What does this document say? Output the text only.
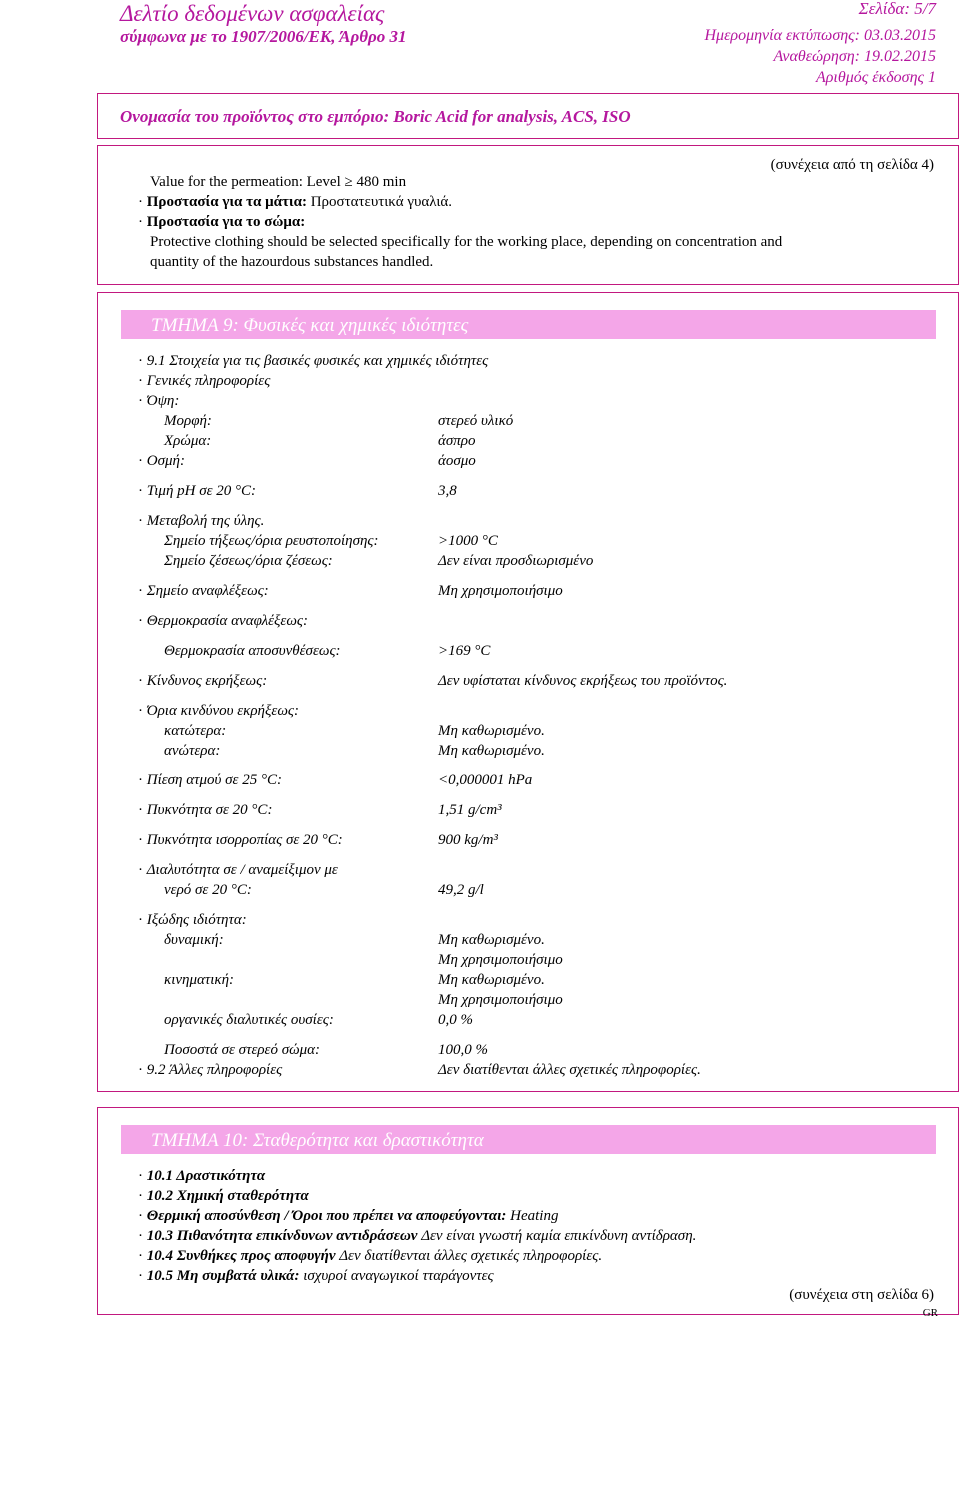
Δελτίο δεδομένων ασφαλείας
σύμφωνα με το 1907/2006/ΕΚ, Άρθρο 31
Σελίδα: 5/7
Ημερομηνία εκτύπωσης: 03.03.2015
Αναθεώρηση: 19.02.2015
Αριθμός έκδοσης 1
Ονομασία του προϊόντος στο εμπόριο: Boric Acid for analysis, ACS, ISO
(συνέχεια από τη σελίδα 4)
Value for the permeation: Level ≥ 480 min
· Προστασία για τα μάτια: Προστατευτικά γυαλιά.
· Προστασία για το σώμα:
Protective clothing should be selected specifically for the working place, depending on concentration and
quantity of the hazourdous substances handled.
ΤΜΗΜΑ 9: Φυσικές και χημικές ιδιότητες
· 9.1 Στοιχεία για τις βασικές φυσικές και χημικές ιδιότητες
· Γενικές πληροφορίες
· Όψη:
Μορφή:	στερεό υλικό
Χρώμα:	άσπρο
· Οσμή:	άοσμο
· Τιμή pH σε 20 °C:	3,8
· Μεταβολή της ύλης.
Σημείο τήξεως/όρια ρευστοποίησης:	>1000 °C
Σημείο ζέσεως/όρια ζέσεως:	Δεν είναι προσδιωρισμένο
· Σημείο αναφλέξεως:	Μη χρησιμοποιήσιμο
· Θερμοκρασία αναφλέξεως:
Θερμοκρασία αποσυνθέσεως:	>169 °C
· Κίνδυνος εκρήξεως:	Δεν υφίσταται κίνδυνος εκρήξεως του προϊόντος.
· Όρια κινδύνου εκρήξεως:
κατώτερα:	Μη καθωρισμένο.
ανώτερα:	Μη καθωρισμένο.
· Πίεση ατμού σε 25 °C:	<0,000001 hPa
· Πυκνότητα σε 20 °C:	1,51 g/cm³
· Πυκνότητα ισορροπίας σε 20 °C:	900 kg/m³
· Διαλυτότητα σε / αναμείξιμον με
νερό σε 20 °C:	49,2 g/l
· Ιξώδης ιδιότητα:
δυναμική:	Μη καθωρισμένο.
Μη χρησιμοποιήσιμο
κινηματική:	Μη καθωρισμένο.
Μη χρησιμοποιήσιμο
οργανικές διαλυτικές ουσίες:	0,0 %
Ποσοστά σε στερεό σώμα:	100,0 %
· 9.2 Άλλες πληροφορίες	Δεν διατίθενται άλλες σχετικές πληροφορίες.
ΤΜΗΜΑ 10: Σταθερότητα και δραστικότητα
· 10.1 Δραστικότητα
· 10.2 Χημική σταθερότητα
· Θερμική αποσύνθεση / Όροι που πρέπει να αποφεύγονται: Heating
· 10.3 Πιθανότητα επικίνδυνων αντιδράσεων Δεν είναι γνωστή καμία επικίνδυνη αντίδραση.
· 10.4 Συνθήκες προς αποφυγήν Δεν διατίθενται άλλες σχετικές πληροφορίες.
· 10.5 Μη συμβατά υλικά: ισχυροί αναγωγικοί τταράγοντες
(συνέχεια στη σελίδα 6)
GR
